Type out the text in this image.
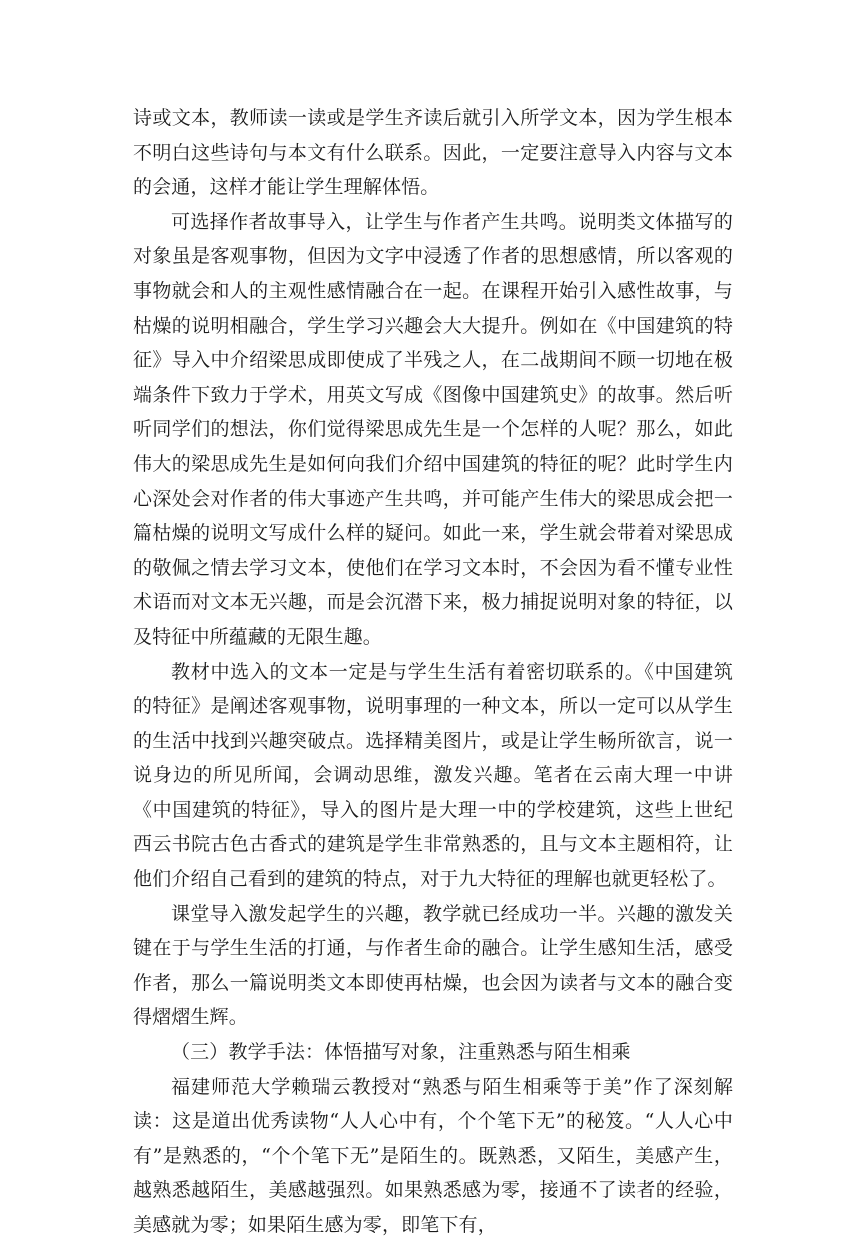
诗或文本，教师读一读或是学生齐读后就引入所学文本，因为学生根本不明白这些诗句与本文有什么联系。因此，一定要注意导入内容与文本的会通，这样才能让学生理解体悟。

可选择作者故事导入，让学生与作者产生共鸣。说明类文体描写的对象虽是客观事物，但因为文字中浸透了作者的思想感情，所以客观的事物就会和人的主观性感情融合在一起。在课程开始引入感性故事，与枯燥的说明相融合，学生学习兴趣会大大提升。例如在《中国建筑的特征》导入中介绍梁思成即使成了半残之人，在二战期间不顾一切地在极端条件下致力于学术，用英文写成《图像中国建筑史》的故事。然后听听同学们的想法，你们觉得梁思成先生是一个怎样的人呢？那么，如此伟大的梁思成先生是如何向我们介绍中国建筑的特征的呢？此时学生内心深处会对作者的伟大事迹产生共鸣，并可能产生伟大的梁思成会把一篇枯燥的说明文写成什么样的疑问。如此一来，学生就会带着对梁思成的敬佩之情去学习文本，使他们在学习文本时，不会因为看不懂专业性术语而对文本无兴趣，而是会沉潜下来，极力捕捉说明对象的特征，以及特征中所蕴藏的无限生趣。

教材中选入的文本一定是与学生生活有着密切联系的。《中国建筑的特征》是阐述客观事物，说明事理的一种文本，所以一定可以从学生的生活中找到兴趣突破点。选择精美图片，或是让学生畅所欲言，说一说身边的所见所闻，会调动思维，激发兴趣。笔者在云南大理一中讲《中国建筑的特征》，导入的图片是大理一中的学校建筑，这些上世纪西云书院古色古香式的建筑是学生非常熟悉的，且与文本主题相符，让他们介绍自己看到的建筑的特点，对于九大特征的理解也就更轻松了。

课堂导入激发起学生的兴趣，教学就已经成功一半。兴趣的激发关键在于与学生生活的打通，与作者生命的融合。让学生感知生活，感受作者，那么一篇说明类文本即使再枯燥，也会因为读者与文本的融合变得熠熠生辉。

（三）教学手法：体悟描写对象，注重熟悉与陌生相乘

福建师范大学赖瑞云教授对“熟悉与陌生相乘等于美”作了深刻解读：这是道出优秀读物“人人心中有，个个笔下无”的秘笈。“人人心中有”是熟悉的，“个个笔下无”是陌生的。既熟悉，又陌生，美感产生，越熟悉越陌生，美感越强烈。如果熟悉感为零，接通不了读者的经验，美感就为零；如果陌生感为零，即笔下有，
